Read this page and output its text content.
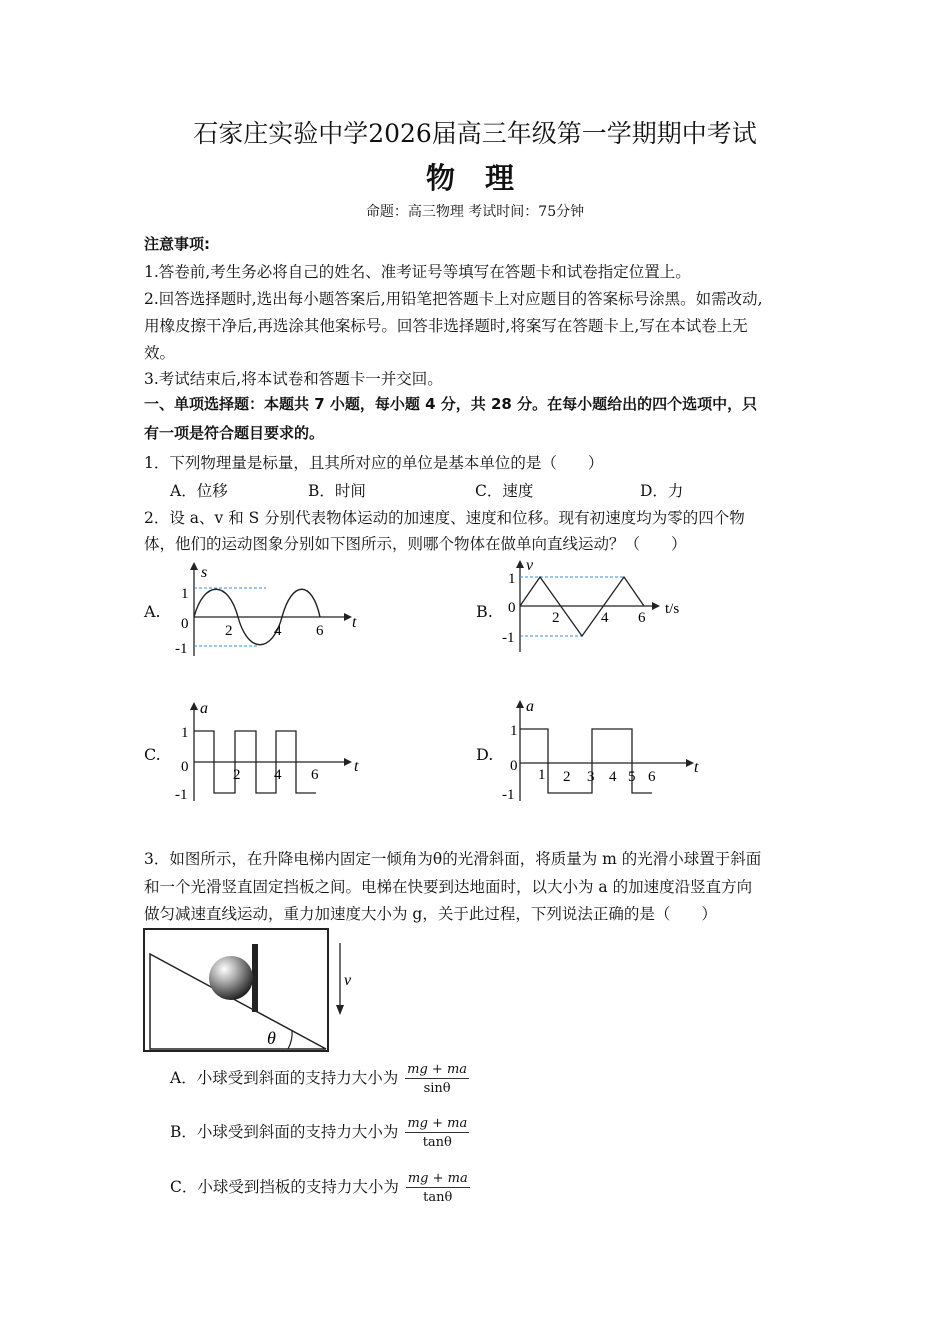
石家庄实验中学2026届高三年级第一学期期中考试
物 理
命题：高三物理 考试时间：75分钟
注意事项:
1.答卷前,考生务必将自己的姓名、准考证号等填写在答题卡和试卷指定位置上。
2.回答选择题时,选出每小题答案后,用铅笔把答题卡上对应题目的答案标号涂黑。如需改动,
用橡皮擦干净后,再选涂其他案标号。回答非选择题时,将案写在答题卡上,写在本试卷上无
效。
3.考试结束后,将本试卷和答题卡一并交回。
一、单项选择题：本题共 7 小题，每小题 4 分，共 28 分。在每小题给出的四个选项中，只
有一项是符合题目要求的。
1．下列物理量是标量，且其所对应的单位是基本单位的是（　　）
A．位移	B．时间	C．速度	D．力
2．设 a、v 和 S 分别代表物体运动的加速度、速度和位移。现有初速度均为零的四个物
体，他们的运动图象分别如下图所示，则哪个物体在做单向直线运动？（　　）
A.	B.
C.	D.
s
t
1
0
-1
2	4 6
v
t/s
1
0
-1
2	4 6
a
t
1
0
-1
2 4 6
a
t
1
0
-1
1 2 3 4 5 6
3．如图所示，在升降电梯内固定一倾角为θ的光滑斜面，将质量为 m 的光滑小球置于斜面
和一个光滑竖直固定挡板之间。电梯在快要到达地面时，以大小为 a 的加速度沿竖直方向
做匀减速直线运动，重力加速度大小为 g，关于此过程，下列说法正确的是（　　）
θ
v
A．小球受到斜面的支持力大小为 $\frac{mg + ma}{\sin\theta}$
B．小球受到斜面的支持力大小为 $\frac{mg + ma}{\tan\theta}$
C．小球受到挡板的支持力大小为 $\frac{mg + ma}{\tan\theta}$
